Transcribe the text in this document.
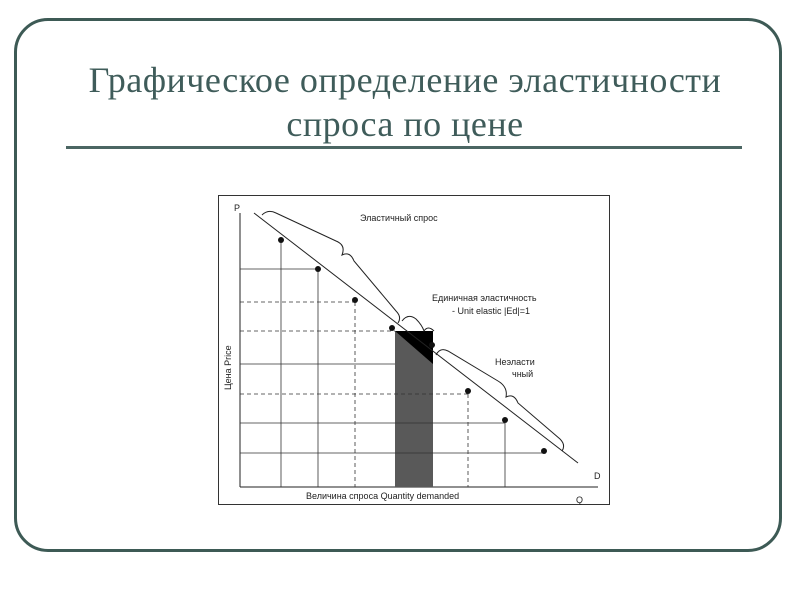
Графическое определение эластичности
спроса по цене
P
Q
D
Цена Price
Величина спроса Quantity demanded
Эластичный спрос
Единичная эластичность
- Unit elastic |Ed|=1
Неэласти
чный
